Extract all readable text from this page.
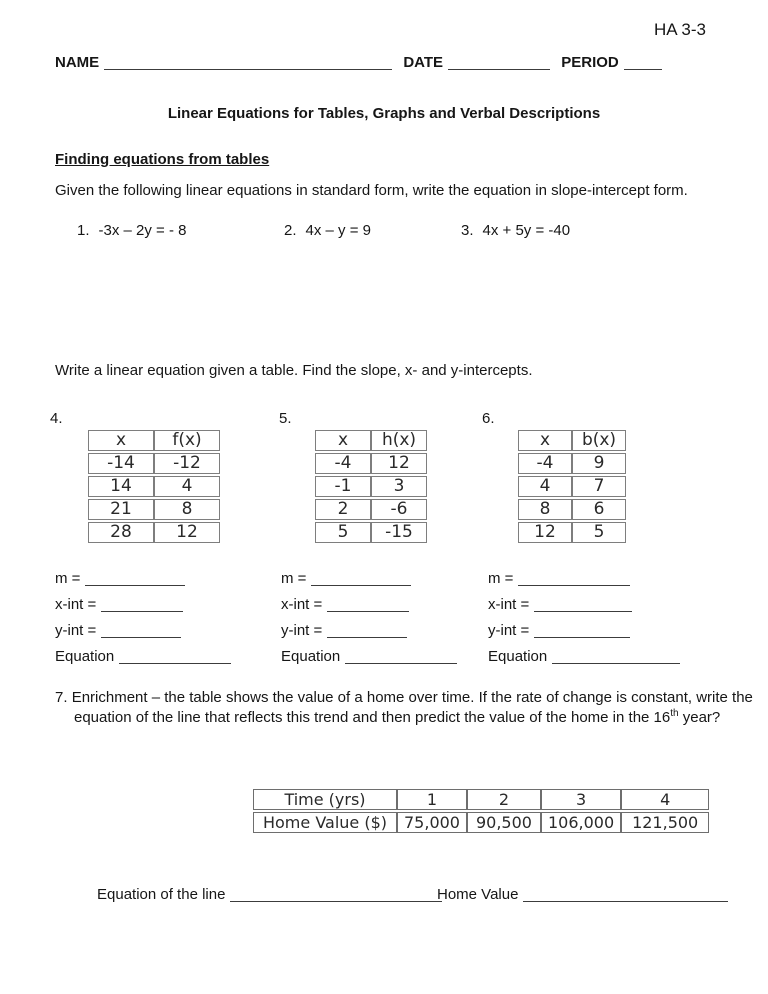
HA 3-3
NAME	DATE	PERIOD
Linear Equations for Tables, Graphs and Verbal Descriptions
Finding equations from tables
Given the following linear equations in standard form, write the equation in slope-intercept form.
1. -3x – 2y = - 8	2. 4x – y = 9	3. 4x + 5y = -40
Write a linear equation given a table. Find the slope, x- and y-intercepts.
4.	5.	6.
x	f(x)
-14	-12
14	4
21	8
28	12
x	h(x)
-4	12
-1	3
2	-6
5	-15
x	b(x)
-4	9
4	7
8	6
12	5
m =
x-int =
y-int =
Equation
m =
x-int =
y-int =
Equation
m =
x-int =
y-int =
Equation
7. Enrichment – the table shows the value of a home over time. If the rate of change is constant, write the equation of the line that reflects this trend and then predict the value of the home in the 16th year?
Time (yrs)	1	2	3	4
Home Value ($)	75,000	90,500	106,000	121,500
Equation of the line	Home Value
